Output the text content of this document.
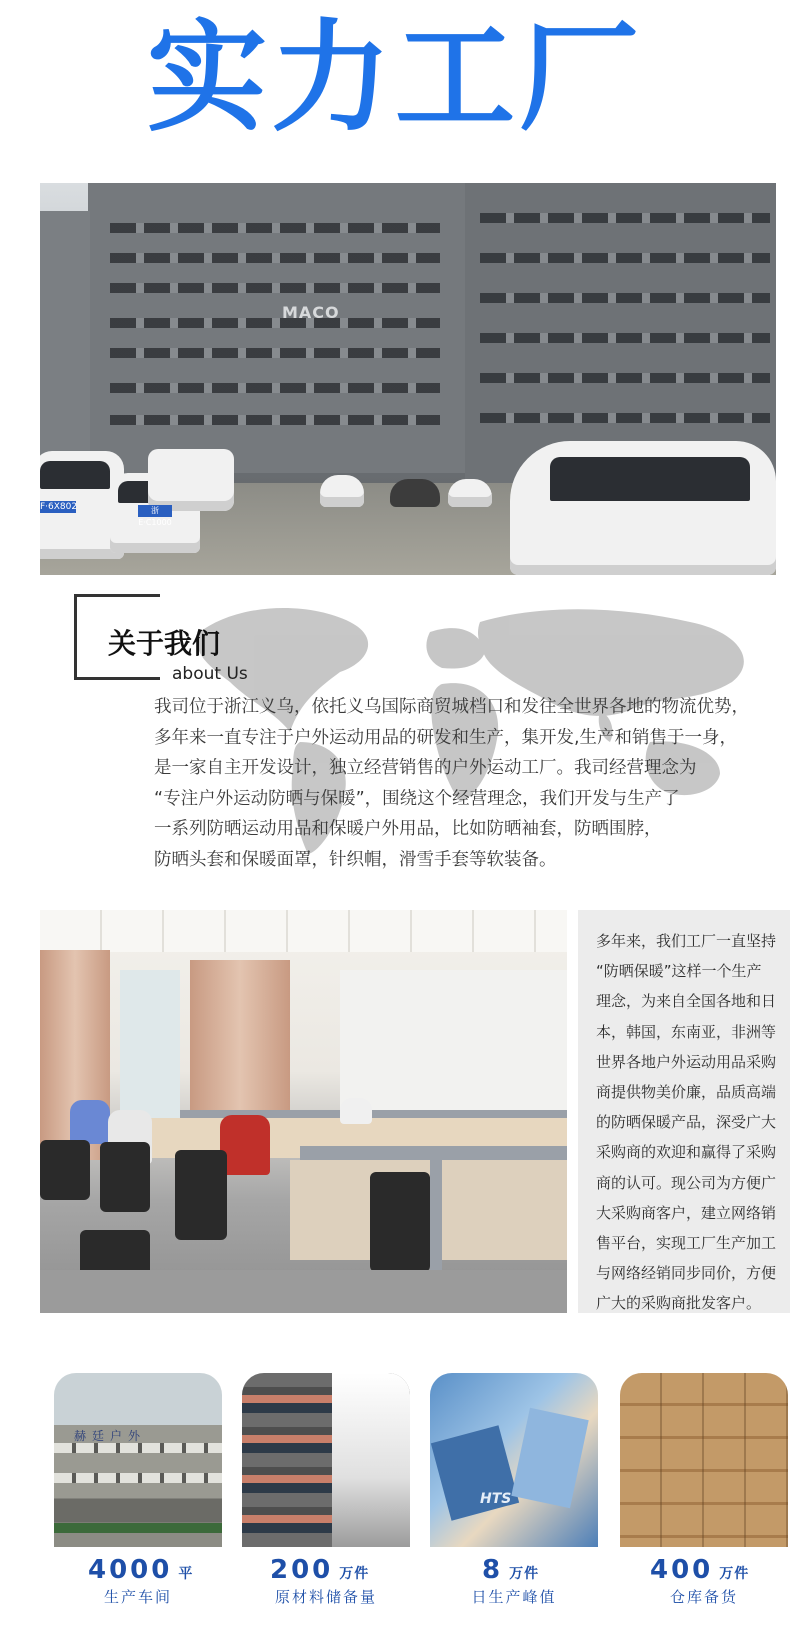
实力工厂
MACO
F·6X802	浙E·C1000
关于我们
about Us
我司位于浙江义乌，依托义乌国际商贸城档口和发往全世界各地的物流优势，
多年来一直专注于户外运动用品的研发和生产，集开发,生产和销售于一身，
是一家自主开发设计，独立经营销售的户外运动工厂。我司经营理念为
“专注户外运动防晒与保暖”，围绕这个经营理念，我们开发与生产了
一系列防晒运动用品和保暖户外用品，比如防晒袖套，防晒围脖，
防晒头套和保暖面罩，针织帽，滑雪手套等软装备。
多年来，我们工厂一直坚持
“防晒保暖”这样一个生产
理念，为来自全国各地和日
本，韩国，东南亚，非洲等
世界各地户外运动用品采购
商提供物美价廉，品质高端
的防晒保暖产品，深受广大
采购商的欢迎和赢得了采购
商的认可。现公司为方便广
大采购商客户，建立网络销
售平台，实现工厂生产加工
与网络经销同步同价，方便
广大的采购商批发客户。
赫廷户外
HTS
4000 平
生产车间
200 万件
原材料储备量
8 万件
日生产峰值
400 万件
仓库备货
